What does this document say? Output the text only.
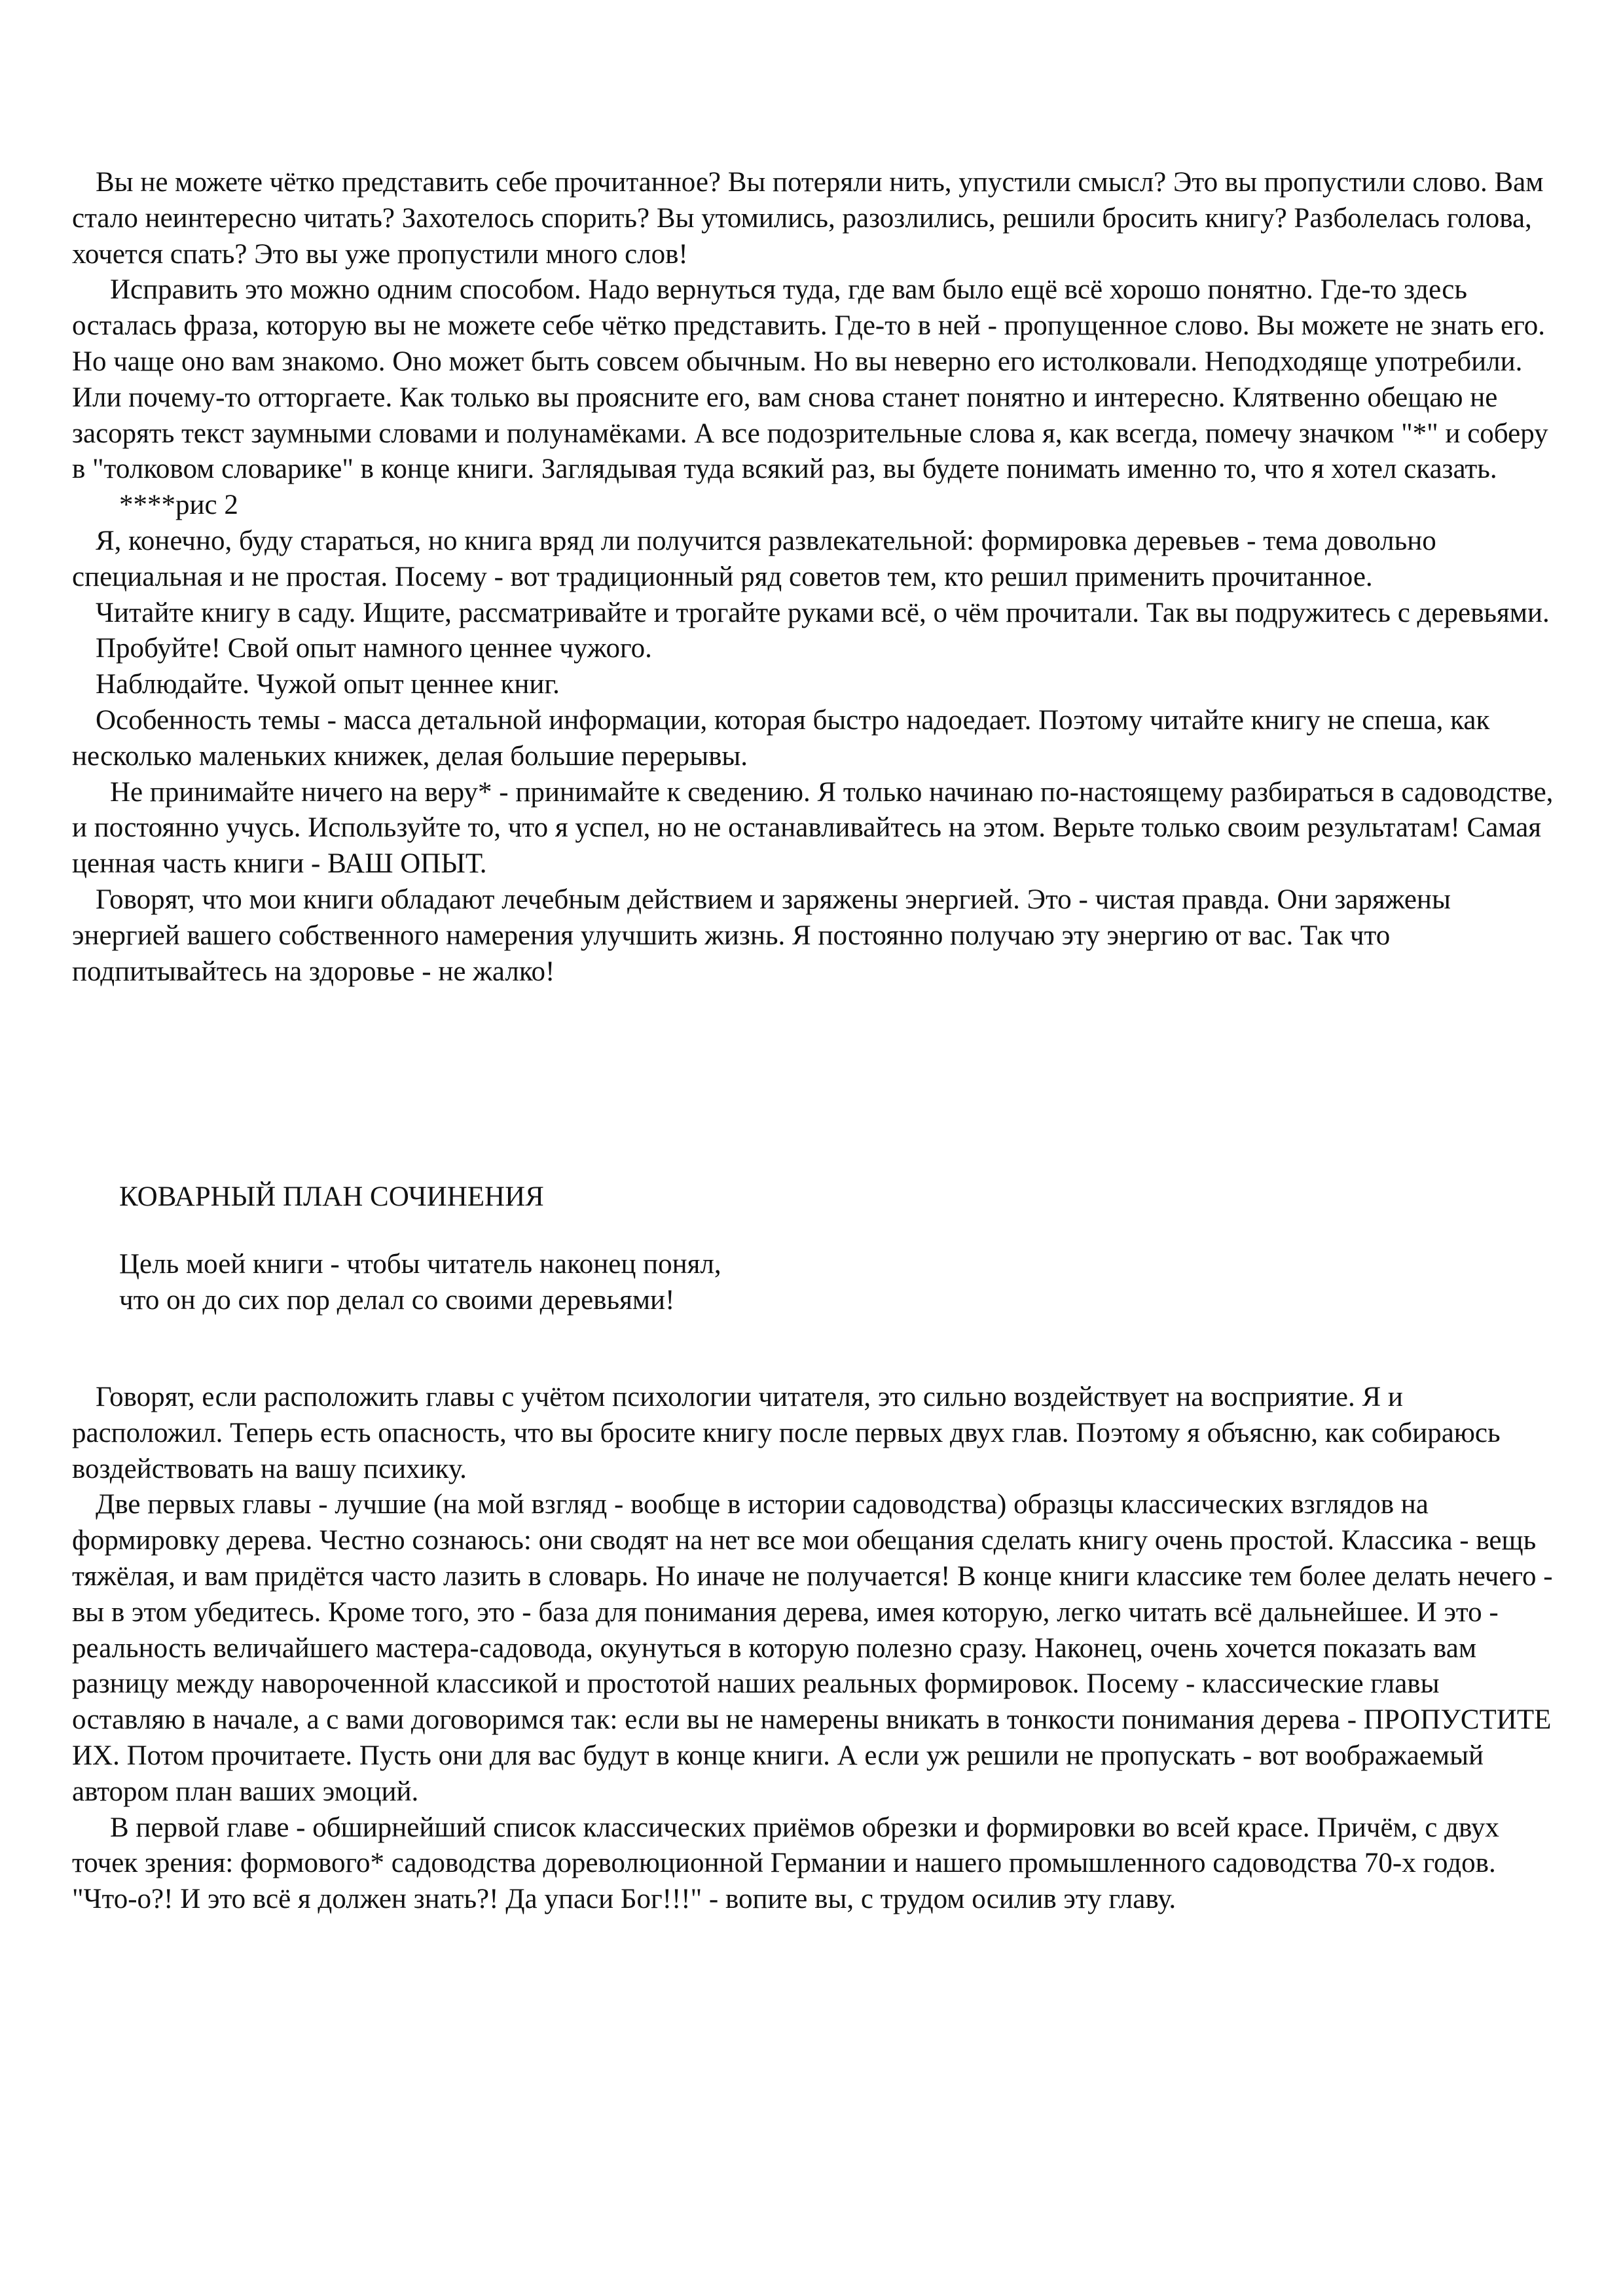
Вы не можете чётко представить себе прочитанное? Вы потеряли нить, упустили смысл? Это вы пропустили слово. Вам стало неинтересно читать? Захотелось спорить? Вы утомились, разозлились, решили бросить книгу? Разболелась голова, хочется спать? Это вы уже пропустили много слов!

Исправить это можно одним способом. Надо вернуться туда, где вам было ещё всё хорошо понятно. Где-то здесь осталась фраза, которую вы не можете себе чётко представить. Где-то в ней - пропущенное слово. Вы можете не знать его. Но чаще оно вам знакомо. Оно может быть совсем обычным. Но вы неверно его истолковали. Неподходяще употребили. Или почему-то отторгаете. Как только вы проясните его, вам снова станет понятно и интересно. Клятвенно обещаю не засорять текст заумными словами и полунамёками. А все подозрительные слова я, как всегда, помечу значком "*" и соберу в "толковом словарике" в конце книги. Заглядывая туда всякий раз, вы будете понимать именно то, что я хотел сказать.

****рис 2

Я, конечно, буду стараться, но книга вряд ли получится развлекательной: формировка деревьев - тема довольно специальная и не простая. Посему - вот традиционный ряд советов тем, кто решил применить прочитанное.

Читайте книгу в саду. Ищите, рассматривайте и трогайте руками всё, о чём прочитали. Так вы подружитесь с деревьями.

Пробуйте! Свой опыт намного ценнее чужого.

Наблюдайте. Чужой опыт ценнее книг.

Особенность темы - масса детальной информации, которая быстро надоедает. Поэтому читайте книгу не спеша, как несколько маленьких книжек, делая большие перерывы.

Не принимайте ничего на веру* - принимайте к сведению. Я только начинаю по-настоящему разбираться в садоводстве, и постоянно учусь. Используйте то, что я успел, но не останавливайтесь на этом. Верьте только своим результатам! Самая ценная часть книги - ВАШ ОПЫТ.

Говорят, что мои книги обладают лечебным действием и заряжены энергией. Это - чистая правда. Они заряжены энергией вашего собственного намерения улучшить жизнь. Я постоянно получаю эту энергию от вас. Так что подпитывайтесь на здоровье - не жалко!

КОВАРНЫЙ ПЛАН СОЧИНЕНИЯ

Цель моей книги - чтобы читатель наконец понял,

что он до сих пор делал со своими деревьями!

Говорят, если расположить главы с учётом психологии читателя, это сильно воздействует на восприятие. Я и расположил. Теперь есть опасность, что вы бросите книгу после первых двух глав. Поэтому я объясню, как собираюсь воздействовать на вашу психику.

Две первых главы - лучшие (на мой взгляд - вообще в истории садоводства) образцы классических взглядов на формировку дерева. Честно сознаюсь: они сводят на нет все мои обещания сделать книгу очень простой. Классика - вещь тяжёлая, и вам придётся часто лазить в словарь. Но иначе не получается! В конце книги классике тем более делать нечего - вы в этом убедитесь. Кроме того, это - база для понимания дерева, имея которую, легко читать всё дальнейшее. И это - реальность величайшего мастера-садовода, окунуться в которую полезно сразу. Наконец, очень хочется показать вам разницу между навороченной классикой и простотой наших реальных формировок. Посему - классические главы оставляю в начале, а с вами договоримся так: если вы не намерены вникать в тонкости понимания дерева - ПРОПУСТИТЕ ИХ. Потом прочитаете. Пусть они для вас будут в конце книги. А если уж решили не пропускать - вот воображаемый автором план ваших эмоций.

В первой главе - обширнейший список классических приёмов обрезки и формировки во всей красе. Причём, с двух точек зрения: формового* садоводства дореволюционной Германии и нашего промышленного садоводства 70-х годов. "Что-о?! И это всё я должен знать?! Да упаси Бог!!!" - вопите вы, с трудом осилив эту главу.
